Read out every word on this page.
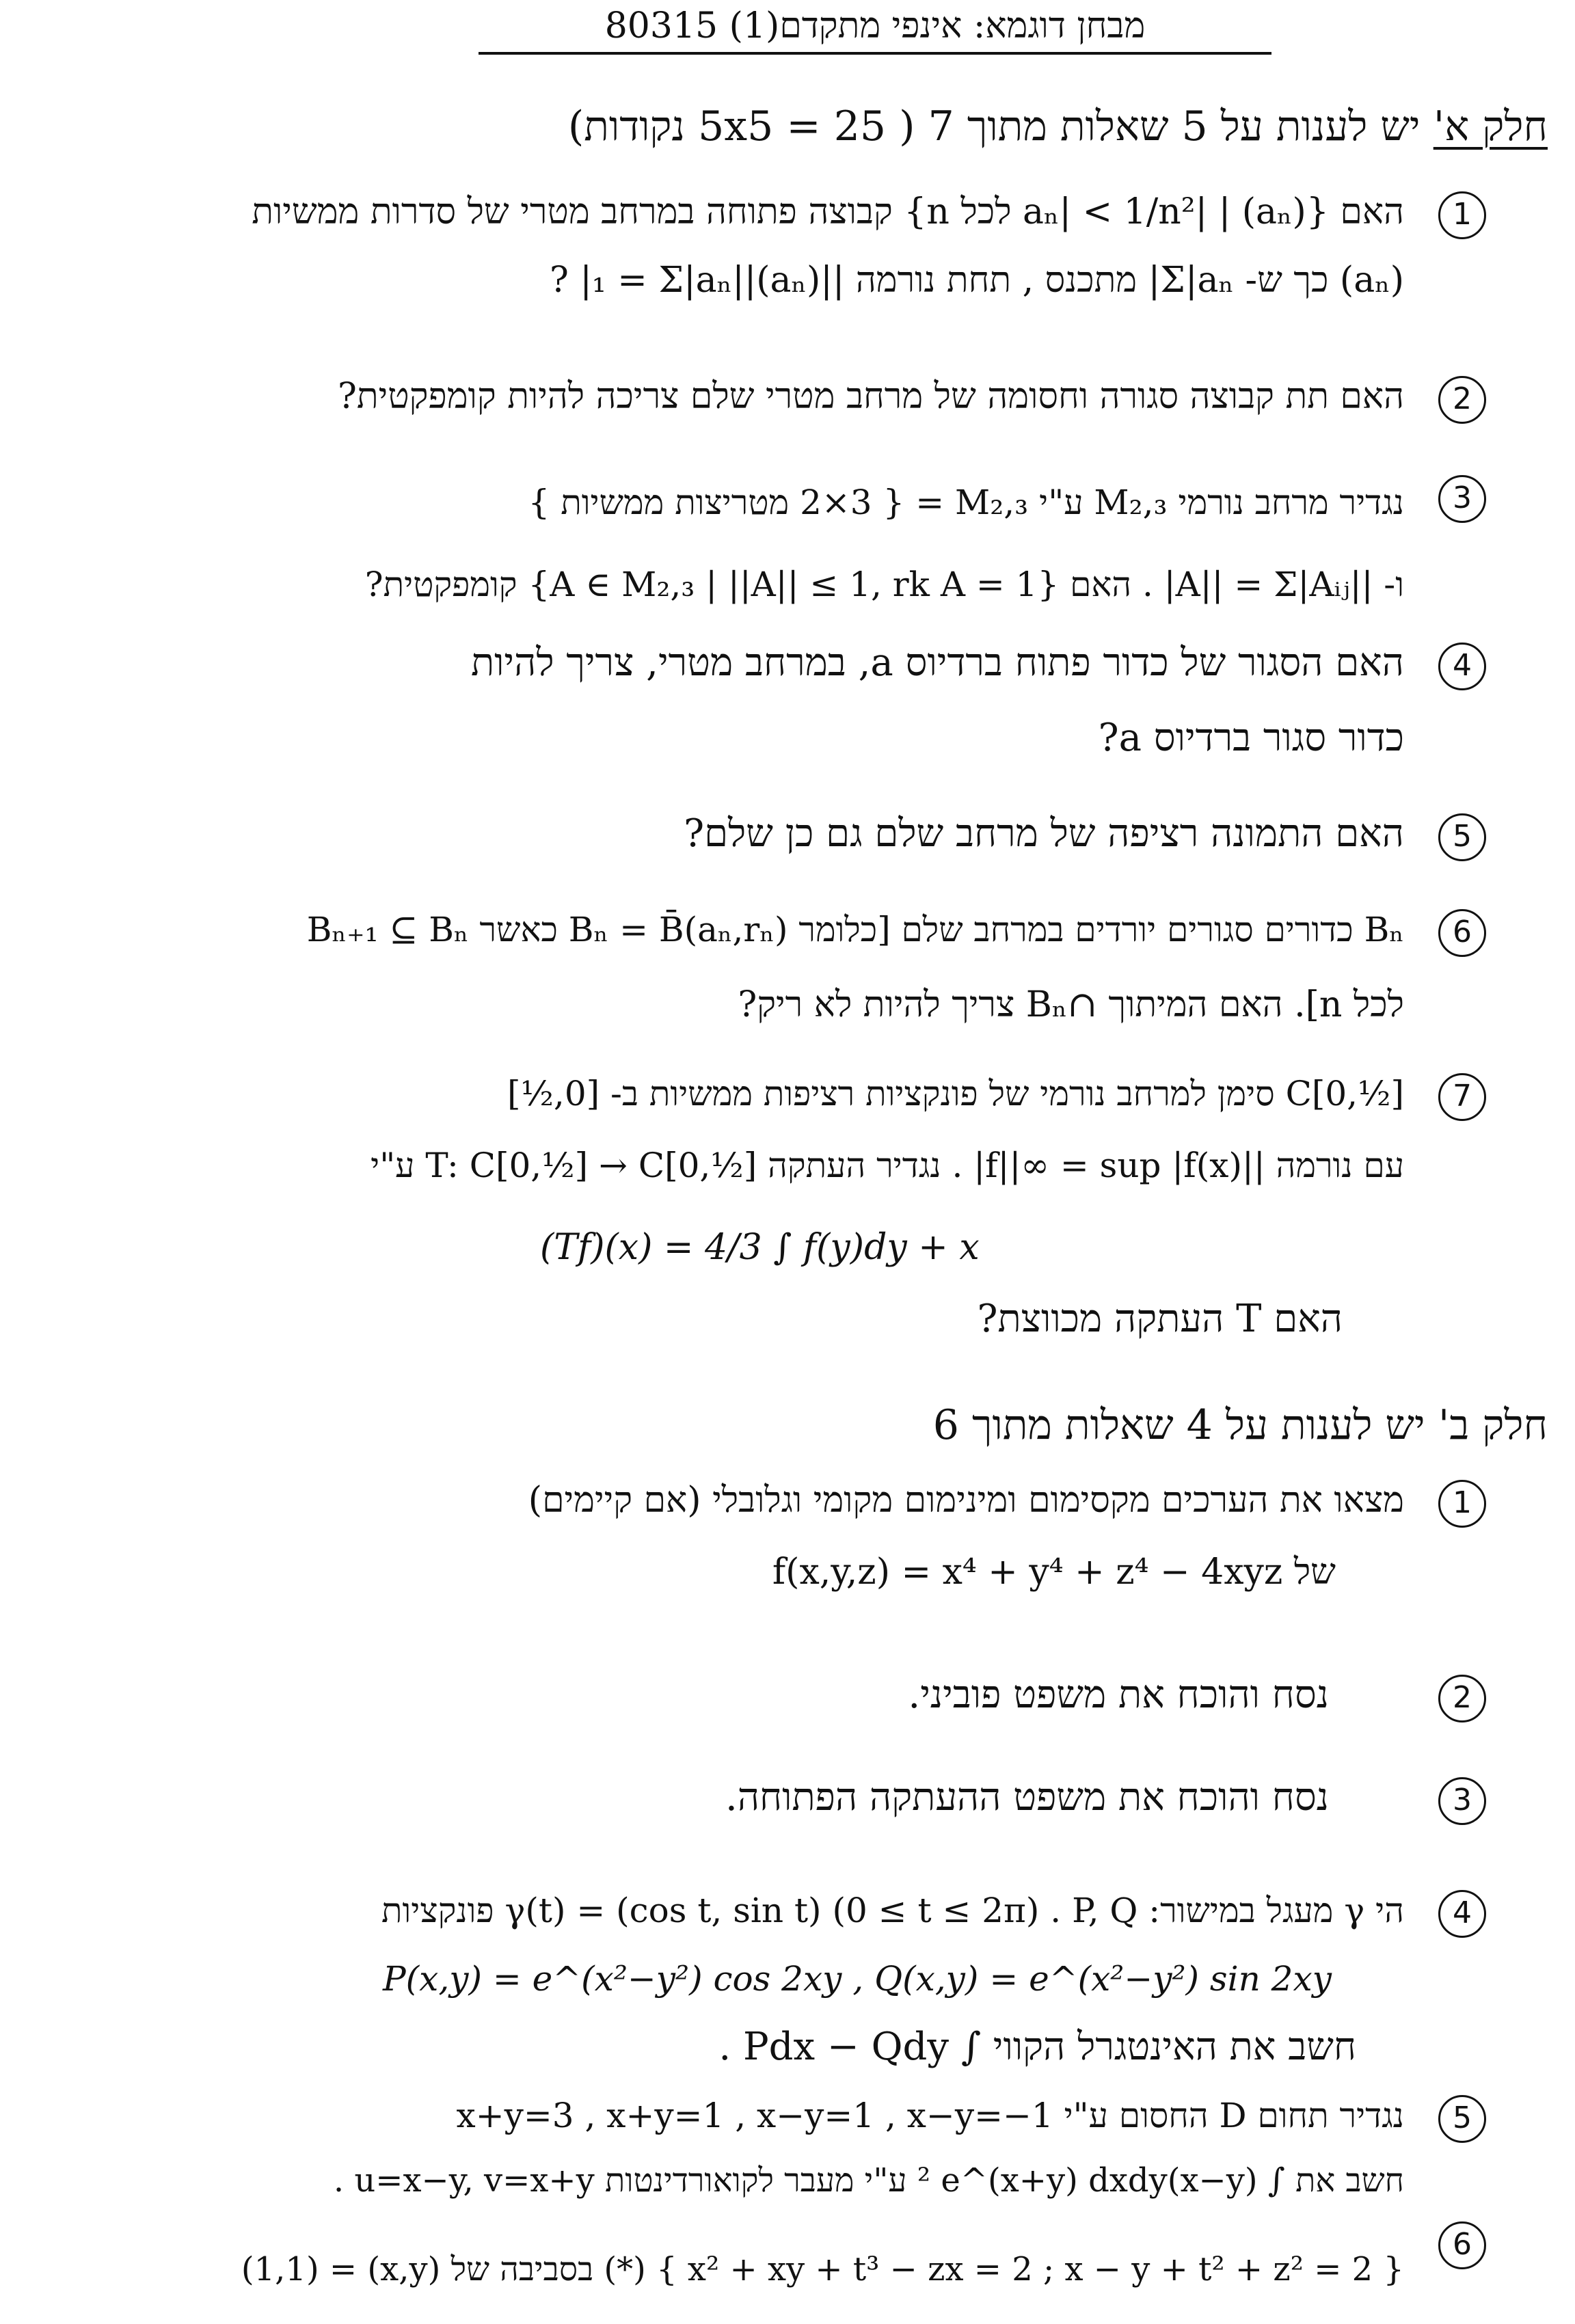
מבחן דוגמא: אינפי מתקדם(1) 80315
חלק א' יש לענות על 5 שאלות מתוך 7 ( 5x5 = 25 נקודות)
1
האם {(aₙ) | |aₙ| < 1/n² לכל n} קבוצה פתוחה במרחב מטרי של סדרות ממשיות
(aₙ) כך ש- Σ|aₙ| מתכנס , תחת נורמה ||(aₙ)||₁ = Σ|aₙ| ?
2
האם תת קבוצה סגורה וחסומה של מרחב מטרי שלם צריכה להיות קומפקטית?
3
נגדיר מרחב נורמי M₂,₃ ע"י M₂,₃ = { 2×3 מטריצות ממשיות }
ו- ||A|| = Σ|Aᵢⱼ| . האם {A ∈ M₂,₃ | ||A|| ≤ 1, rk A = 1} קומפקטית?
4
האם הסגור של כדור פתוח ברדיוס a, במרחב מטרי, צריך להיות
כדור סגור ברדיוס a?
5
האם התמונה רציפה של מרחב שלם גם כן שלם?
6
Bₙ כדורים סגורים יורדים במרחב שלם [כלומר Bₙ = B̄(aₙ,rₙ) כאשר Bₙ₊₁ ⊆ Bₙ
לכל n]. האם המיתוך ∩Bₙ צריך להיות לא ריק?
7
C[0,½] סימן למרחב נורמי של פונקציות רציפות ממשיות ב- [0,½]
עם נורמה ||f||∞ = sup |f(x)| . נגדיר העתקה T: C[0,½] → C[0,½] ע"י
(Tf)(x) = 4/3 ∫ f(y)dy + x
האם T העתקה מכווצת?
חלק ב' יש לענות על 4 שאלות מתוך 6
1
מצאו את הערכים מקסימום ומינימום מקומי וגלובלי (אם קיימים)
של f(x,y,z) = x⁴ + y⁴ + z⁴ − 4xyz
2
נסח והוכח את משפט פוביני.
3
נסח והוכח את משפט ההעתקה הפתוחה.
4
הי γ מעגל במישור: γ(t) = (cos t, sin t) (0 ≤ t ≤ 2π) . P, Q פונקציות
P(x,y) = e^(x²−y²) cos 2xy , Q(x,y) = e^(x²−y²) sin 2xy
חשב את האינטגרל הקווי ∫ Pdx − Qdy .
5
נגדיר תחום D החסום ע"י x+y=3 , x+y=1 , x−y=1 , x−y=−1
חשב את ∫ (x−y)² e^(x+y) dxdy ע"י מעבר לקואורדינטות u=x−y, v=x+y .
6
{ x² + xy + t³ − zx = 2 ; x − y + t² + z² = 2 } (*) בסביבה של (x,y) = (1,1)
